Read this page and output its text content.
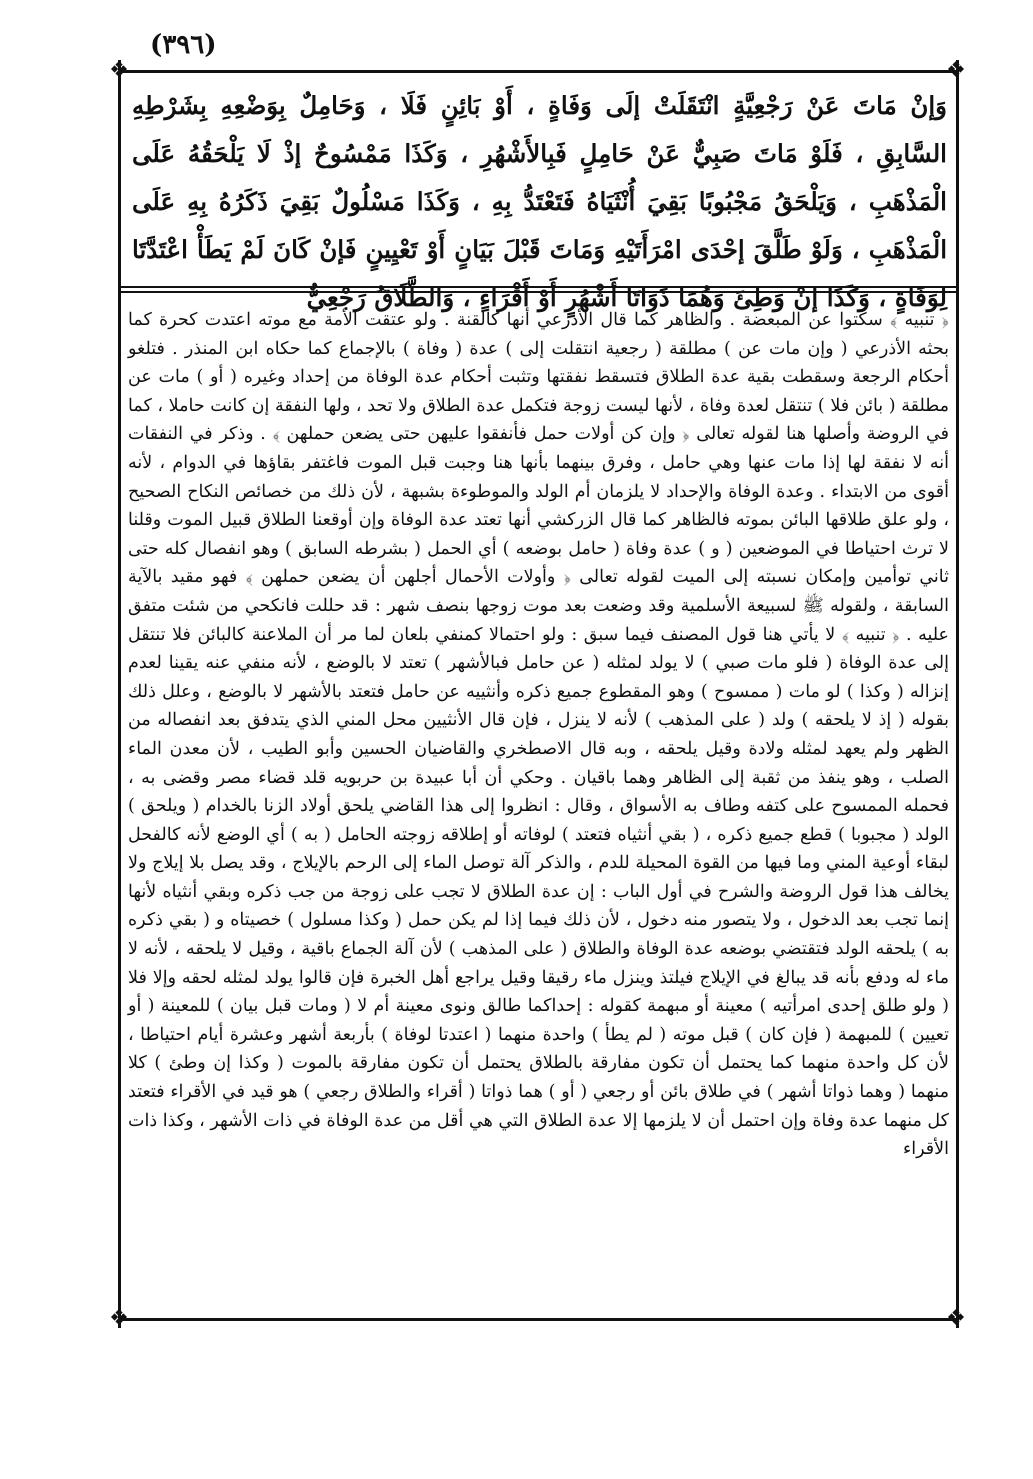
(٣٩٦)
❖	❖
❖	❖

وَإنْ مَاتَ عَنْ رَجْعِيَّةٍ انْتَقَلَتْ إلَى وَفَاةٍ ، أَوْ بَائِنٍ فَلَا ، وَحَامِلٌ بِوَضْعِهِ بِشَرْطِهِ السَّابِقِ ، فَلَوْ مَاتَ صَبِيٌّ عَنْ حَامِلٍ فَبِالأَشْهُرِ ، وَكَذَا مَمْسُوحٌ إذْ لَا يَلْحَقُهُ عَلَى الْمَذْهَبِ ، وَيَلْحَقُ مَجْبُوبًا بَقِيَ أُنْثَيَاهُ فَتَعْتَدُّ بِهِ ، وَكَذَا مَسْلُولٌ بَقِيَ ذَكَرُهُ بِهِ عَلَى الْمَذْهَبِ ، وَلَوْ طَلَّقَ إحْدَى امْرَأَتَيْهِ وَمَاتَ قَبْلَ بَيَانٍ أَوْ تَعْيِينٍ فَإنْ كَانَ لَمْ يَطَأْ اعْتَدَّتَا لِوَفَاةٍ ، وَكَذَا إنْ وَطِئَ وَهُمَا ذَوَاتَا أَشْهُرٍ أَوْ أَقْرَاءٍ ، وَالطَّلَاقُ رَجْعِيٌّ

﴿ تنبيه ﴾ سكتوا عن المبعضة . والظاهر كما قال الأذرعي أنها كالقنة . ولو عتقت الأمة مع موته اعتدت كحرة كما بحثه الأذرعي ( وإن مات عن ) مطلقة ( رجعية انتقلت إلى ) عدة ( وفاة ) بالإجماع كما حكاه ابن المنذر . فتلغو أحكام الرجعة وسقطت بقية عدة الطلاق فتسقط نفقتها وتثبت أحكام عدة الوفاة من إحداد وغيره ( أو ) مات عن مطلقة ( بائن فلا ) تنتقل لعدة وفاة ، لأنها ليست زوجة فتكمل عدة الطلاق ولا تحد ، ولها النفقة إن كانت حاملا ، كما في الروضة وأصلها هنا لقوله تعالى ﴿ وإن كن أولات حمل فأنفقوا عليهن حتى يضعن حملهن ﴾ . وذكر في النفقات أنه لا نفقة لها إذا مات عنها وهي حامل ، وفرق بينهما بأنها هنا وجبت قبل الموت فاغتفر بقاؤها في الدوام ، لأنه أقوى من الابتداء . وعدة الوفاة والإحداد لا يلزمان أم الولد والموطوءة بشبهة ، لأن ذلك من خصائص النكاح الصحيح ، ولو علق طلاقها البائن بموته فالظاهر كما قال الزركشي أنها تعتد عدة الوفاة وإن أوقعنا الطلاق قبيل الموت وقلنا لا ترث احتياطا في الموضعين ( و ) عدة وفاة ( حامل بوضعه ) أي الحمل ( بشرطه السابق ) وهو انفصال كله حتى ثاني توأمين وإمكان نسبته إلى الميت لقوله تعالى ﴿ وأولات الأحمال أجلهن أن يضعن حملهن ﴾ فهو مقيد بالآية السابقة ، ولقوله ﷺ لسبيعة الأسلمية وقد وضعت بعد موت زوجها بنصف شهر : قد حللت فانكحي من شئت متفق عليه . ﴿ تنبيه ﴾ لا يأتي هنا قول المصنف فيما سبق : ولو احتمالا كمنفي بلعان لما مر أن الملاعنة كالبائن فلا تنتقل إلى عدة الوفاة ( فلو مات صبي ) لا يولد لمثله ( عن حامل فبالأشهر ) تعتد لا بالوضع ، لأنه منفي عنه يقينا لعدم إنزاله ( وكذا ) لو مات ( ممسوح ) وهو المقطوع جميع ذكره وأنثييه عن حامل فتعتد بالأشهر لا بالوضع ، وعلل ذلك بقوله ( إذ لا يلحقه ) ولد ( على المذهب ) لأنه لا ينزل ، فإن قال الأنثيين محل المني الذي يتدفق بعد انفصاله من الظهر ولم يعهد لمثله ولادة وقيل يلحقه ، وبه قال الاصطخري والقاضيان الحسين وأبو الطيب ، لأن معدن الماء الصلب ، وهو ينفذ من ثقبة إلى الظاهر وهما باقيان . وحكي أن أبا عبيدة بن حربويه قلد قضاء مصر وقضى به ، فحمله الممسوح على كتفه وطاف به الأسواق ، وقال : انظروا إلى هذا القاضي يلحق أولاد الزنا بالخدام ( ويلحق ) الولد ( مجبوبا ) قطع جميع ذكره ، ( بقي أنثياه فتعتد ) لوفاته أو إطلاقه زوجته الحامل ( به ) أي الوضع لأنه كالفحل لبقاء أوعية المني وما فيها من القوة المحيلة للدم ، والذكر آلة توصل الماء إلى الرحم بالإيلاج ، وقد يصل بلا إيلاج ولا يخالف هذا قول الروضة والشرح في أول الباب : إن عدة الطلاق لا تجب على زوجة من جب ذكره وبقي أنثياه لأنها إنما تجب بعد الدخول ، ولا يتصور منه دخول ، لأن ذلك فيما إذا لم يكن حمل ( وكذا مسلول ) خصيتاه و ( بقي ذكره به ) يلحقه الولد فتقتضي بوضعه عدة الوفاة والطلاق ( على المذهب ) لأن آلة الجماع باقية ، وقيل لا يلحقه ، لأنه لا ماء له ودفع بأنه قد يبالغ في الإيلاج فيلتذ وينزل ماء رقيقا وقيل يراجع أهل الخبرة فإن قالوا يولد لمثله لحقه وإلا فلا ( ولو طلق إحدى امرأتيه ) معينة أو مبهمة كقوله : إحداكما طالق ونوى معينة أم لا ( ومات قبل بيان ) للمعينة ( أو تعيين ) للمبهمة ( فإن كان ) قبل موته ( لم يطأ ) واحدة منهما ( اعتدتا لوفاة ) بأربعة أشهر وعشرة أيام احتياطا ، لأن كل واحدة منهما كما يحتمل أن تكون مفارقة بالطلاق يحتمل أن تكون مفارقة بالموت ( وكذا إن وطئ ) كلا منهما ( وهما ذواتا أشهر ) في طلاق بائن أو رجعي ( أو ) هما ذواتا ( أقراء والطلاق رجعي ) هو قيد في الأقراء فتعتد كل منهما عدة وفاة وإن احتمل أن لا يلزمها إلا عدة الطلاق التي هي أقل من عدة الوفاة في ذات الأشهر ، وكذا ذات الأقراء
